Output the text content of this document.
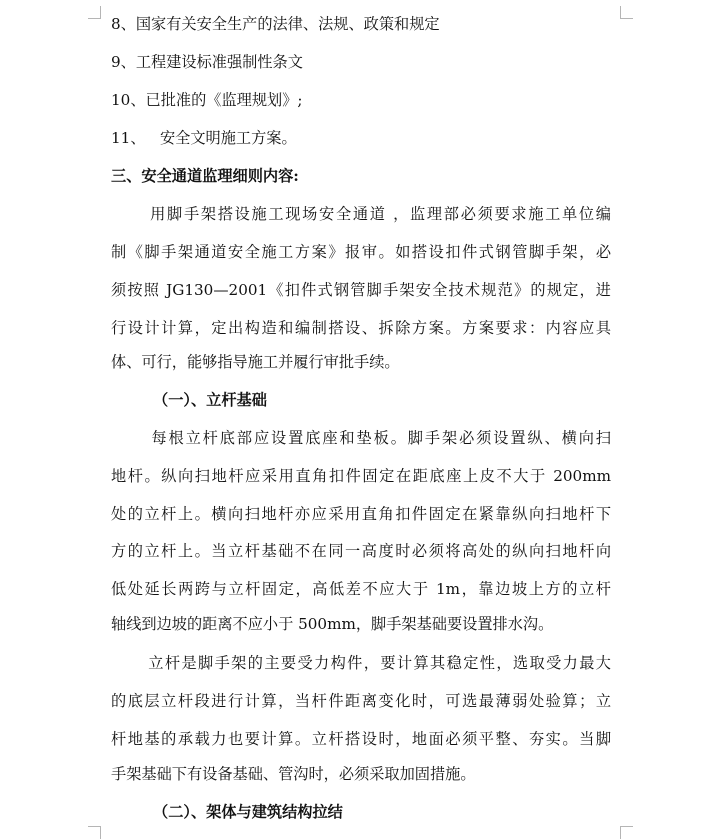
8、国家有关安全生产的法律、法规、政策和规定
9、工程建设标准强制性条文
10、已批准的《监理规划》;
11、   安全文明施工方案。
三、安全通道监理细则内容:
用脚手架搭设施工现场安全通道 ，监理部必须要求施工单位编
制《脚手架通道安全施工方案》报审。如搭设扣件式钢管脚手架，必
须按照 JG130—2001《扣件式钢管脚手架安全技术规范》的规定，进
行设计计算，定出构造和编制搭设、拆除方案。方案要求：内容应具
体、可行，能够指导施工并履行审批手续。
（一）、立杆基础
每根立杆底部应设置底座和垫板。脚手架必须设置纵、横向扫
地杆。纵向扫地杆应采用直角扣件固定在距底座上皮不大于 200mm
处的立杆上。横向扫地杆亦应采用直角扣件固定在紧靠纵向扫地杆下
方的立杆上。当立杆基础不在同一高度时必须将高处的纵向扫地杆向
低处延长两跨与立杆固定，高低差不应大于 1m，靠边坡上方的立杆
轴线到边坡的距离不应小于 500mm，脚手架基础要设置排水沟。
立杆是脚手架的主要受力构件，要计算其稳定性，选取受力最大
的底层立杆段进行计算，当杆件距离变化时，可选最薄弱处验算；立
杆地基的承载力也要计算。立杆搭设时，地面必须平整、夯实。当脚
手架基础下有设备基础、管沟时，必须采取加固措施。
（二）、架体与建筑结构拉结
